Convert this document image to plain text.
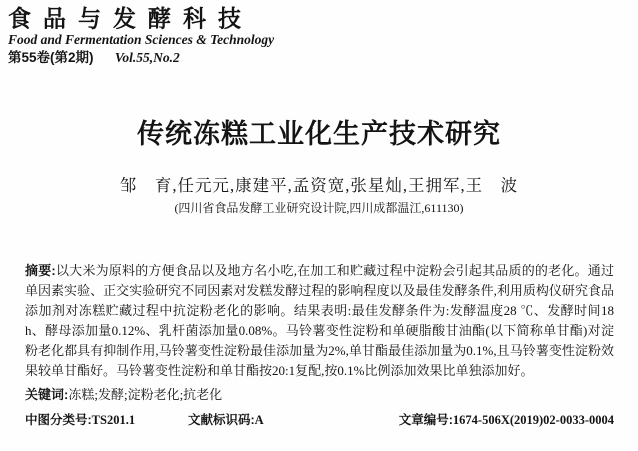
食品与发酵科技
Food and Fermentation Sciences & Technology
第55卷(第2期) Vol.55,No.2
传统冻糕工业化生产技术研究
邹　育,任元元,康建平,孟资宽,张星灿,王拥军,王　波
(四川省食品发酵工业研究设计院,四川成都温江,611130)

摘要:以大米为原料的方便食品以及地方名小吃,在加工和贮藏过程中淀粉会引起其品质的的老化。通过单因素实验、正交实验研究不同因素对发糕发酵过程的影响程度以及最佳发酵条件,利用质构仪研究食品添加剂对冻糕贮藏过程中抗淀粉老化的影响。结果表明:最佳发酵条件为:发酵温度28 ℃、发酵时间18 h、酵母添加量0.12%、乳杆菌添加量0.08%。马铃薯变性淀粉和单硬脂酸甘油酯(以下简称单甘酯)对淀粉老化都具有抑制作用,马铃薯变性淀粉最佳添加量为2%,单甘酯最佳添加量为0.1%,且马铃薯变性淀粉效果较单甘酯好。马铃薯变性淀粉和单甘酯按20:1复配,按0.1%比例添加效果比单独添加好。

关键词:冻糕;发酵;淀粉老化;抗老化

中图分类号:TS201.1	文献标识码:A	文章编号:1674-506X(2019)02-0033-0004
